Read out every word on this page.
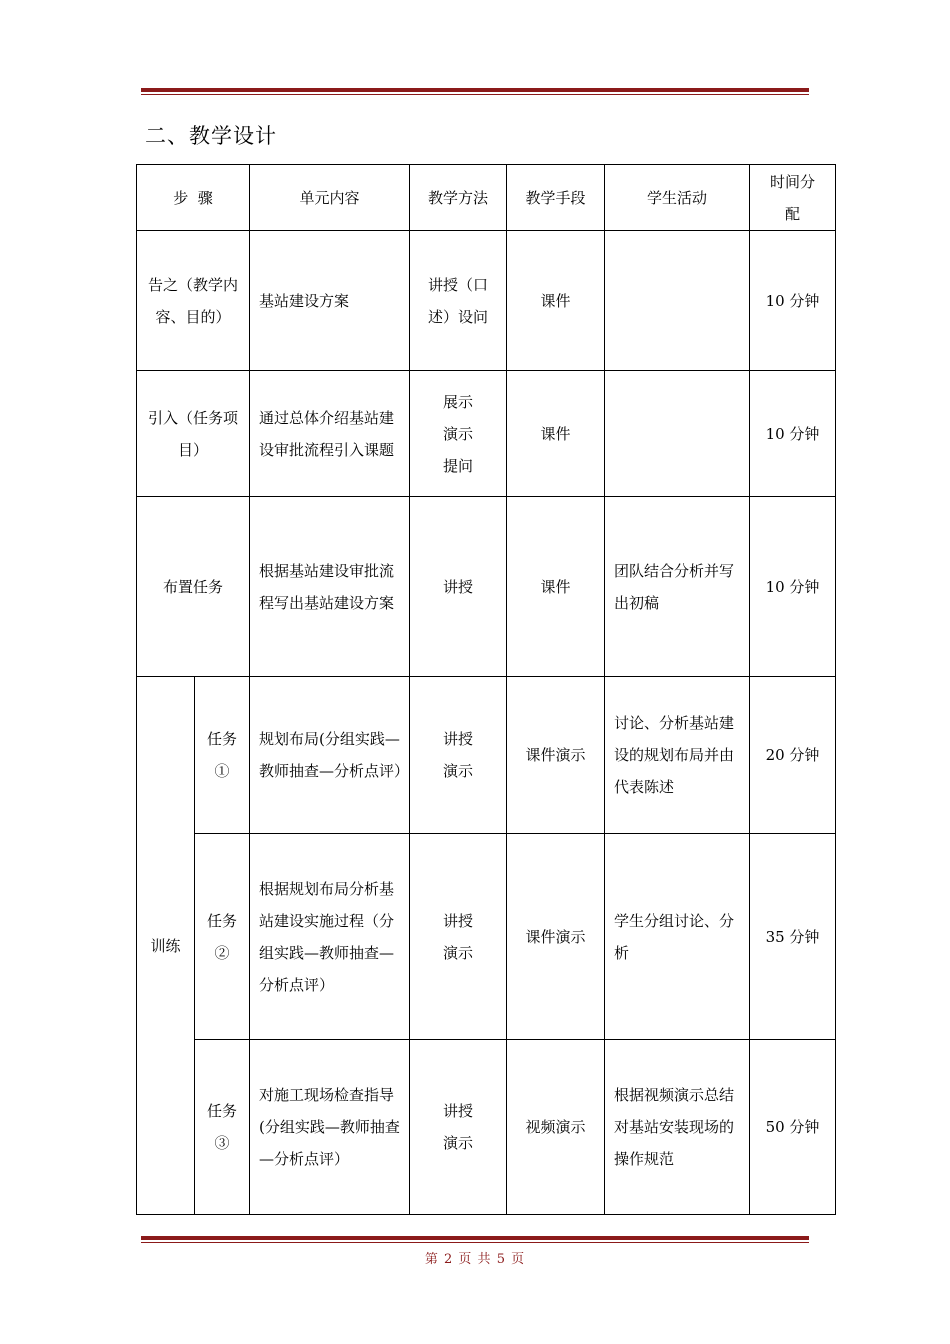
二、教学设计
步  骤		单元内容	教学方法	教学手段	学生活动	时间分配
告之（教学内容、目的）		基站建设方案	讲授（口述）设问	课件		10 分钟
引入（任务项目）		通过总体介绍基站建设审批流程引入课题	展示演示提问	课件		10 分钟
布置任务		根据基站建设审批流程写出基站建设方案	讲授	课件	团队结合分析并写出初稿	10 分钟
训练	任务①	规划布局(分组实践—教师抽查—分析点评）	讲授演示	课件演示	讨论、分析基站建设的规划布局并由代表陈述	20 分钟
	任务②	根据规划布局分析基站建设实施过程（分组实践—教师抽查—分析点评）	讲授演示	课件演示	学生分组讨论、分析	35 分钟
	任务③	对施工现场检查指导(分组实践—教师抽查—分析点评）	讲授演示	视频演示	根据视频演示总结对基站安装现场的操作规范	50 分钟
第 2 页 共 5 页
